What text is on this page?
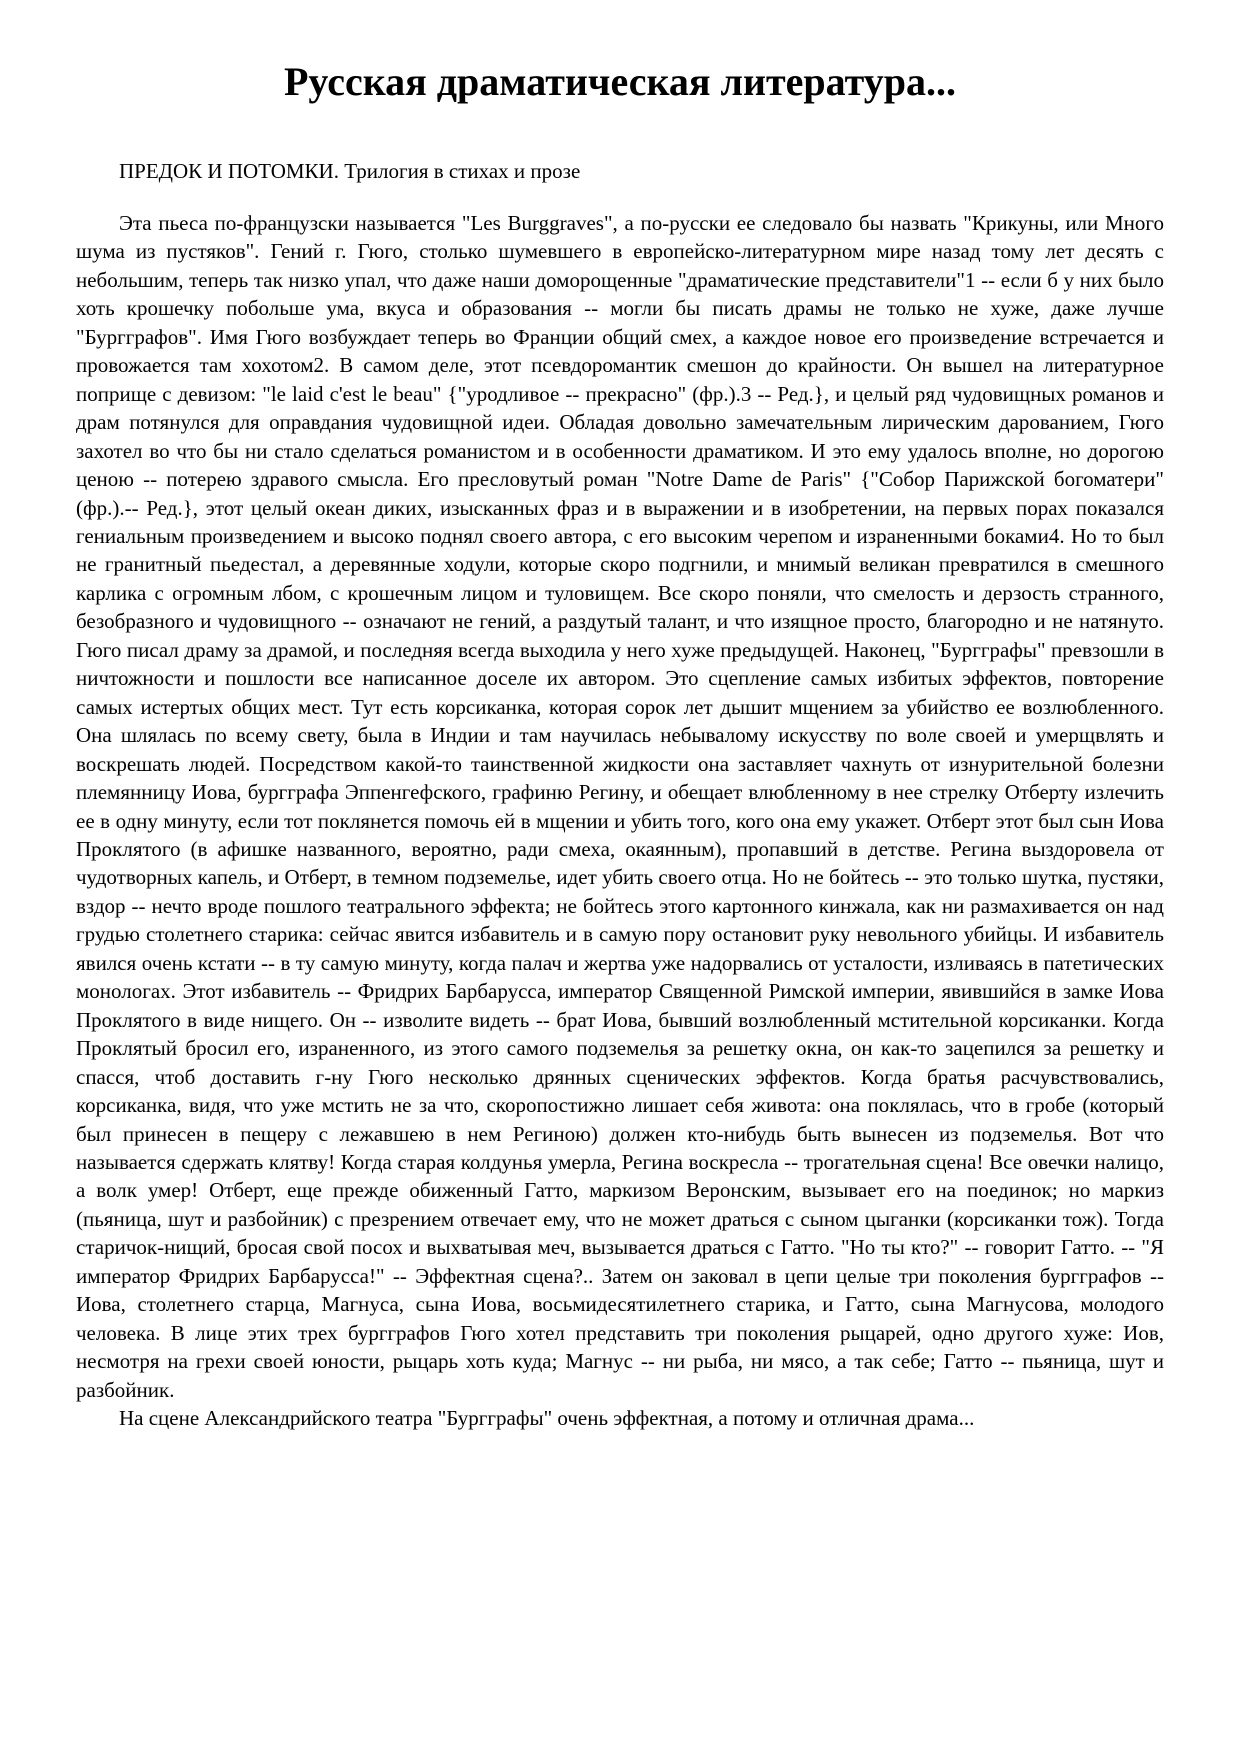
Русская драматическая литература...

ПРЕДОК И ПОТОМКИ. Трилогия в стихах и прозе

Эта пьеса по-французски называется "Les Burggraves", а по-русски ее следовало бы назвать "Крикуны, или Много шума из пустяков". Гений г. Гюго, столько шумевшего в европейско-литературном мире назад тому лет десять с небольшим, теперь так низко упал, что даже наши доморощенные "драматические представители"1 -- если б у них было хоть крошечку побольше ума, вкуса и образования -- могли бы писать драмы не только не хуже, даже лучше "Бургграфов". Имя Гюго возбуждает теперь во Франции общий смех, а каждое новое его произведение встречается и провожается там хохотом2. В самом деле, этот псевдоромантик смешон до крайности. Он вышел на литературное поприще с девизом: "le laid c'est le beau" {"уродливое -- прекрасно" (фр.).3 -- Ред.}, и целый ряд чудовищных романов и драм потянулся для оправдания чудовищной идеи. Обладая довольно замечательным лирическим дарованием, Гюго захотел во что бы ни стало сделаться романистом и в особенности драматиком. И это ему удалось вполне, но дорогою ценою -- потерею здравого смысла. Его пресловутый роман "Notre Dame de Paris" {"Собор Парижской богоматери" (фр.).-- Ред.}, этот целый океан диких, изысканных фраз и в выражении и в изобретении, на первых порах показался гениальным произведением и высоко поднял своего автора, с его высоким черепом и израненными боками4. Но то был не гранитный пьедестал, а деревянные ходули, которые скоро подгнили, и мнимый великан превратился в смешного карлика с огромным лбом, с крошечным лицом и туловищем. Все скоро поняли, что смелость и дерзость странного, безобразного и чудовищного -- означают не гений, а раздутый талант, и что изящное просто, благородно и не натянуто. Гюго писал драму за драмой, и последняя всегда выходила у него хуже предыдущей. Наконец, "Бургграфы" превзошли в ничтожности и пошлости все написанное доселе их автором. Это сцепление самых избитых эффектов, повторение самых истертых общих мест. Тут есть корсиканка, которая сорок лет дышит мщением за убийство ее возлюбленного. Она шлялась по всему свету, была в Индии и там научилась небывалому искусству по воле своей и умерщвлять и воскрешать людей. Посредством какой-то таинственной жидкости она заставляет чахнуть от изнурительной болезни племянницу Иова, бургграфа Эппенгефского, графиню Регину, и обещает влюбленному в нее стрелку Отберту излечить ее в одну минуту, если тот поклянется помочь ей в мщении и убить того, кого она ему укажет. Отберт этот был сын Иова Проклятого (в афишке названного, вероятно, ради смеха, окаянным), пропавший в детстве. Регина выздоровела от чудотворных капель, и Отберт, в темном подземелье, идет убить своего отца. Но не бойтесь -- это только шутка, пустяки, вздор -- нечто вроде пошлого театрального эффекта; не бойтесь этого картонного кинжала, как ни размахивается он над грудью столетнего старика: сейчас явится избавитель и в самую пору остановит руку невольного убийцы. И избавитель явился очень кстати -- в ту самую минуту, когда палач и жертва уже надорвались от усталости, изливаясь в патетических монологах. Этот избавитель -- Фридрих Барбарусса, император Священной Римской империи, явившийся в замке Иова Проклятого в виде нищего. Он -- изволите видеть -- брат Иова, бывший возлюбленный мстительной корсиканки. Когда Проклятый бросил его, израненного, из этого самого подземелья за решетку окна, он как-то зацепился за решетку и спасся, чтоб доставить г-ну Гюго несколько дрянных сценических эффектов. Когда братья расчувствовались, корсиканка, видя, что уже мстить не за что, скоропостижно лишает себя живота: она поклялась, что в гробе (который был принесен в пещеру с лежавшею в нем Региною) должен кто-нибудь быть вынесен из подземелья. Вот что называется сдержать клятву! Когда старая колдунья умерла, Регина воскресла -- трогательная сцена! Все овечки налицо, а волк умер! Отберт, еще прежде обиженный Гатто, маркизом Веронским, вызывает его на поединок; но маркиз (пьяница, шут и разбойник) с презрением отвечает ему, что не может драться с сыном цыганки (корсиканки тож). Тогда старичок-нищий, бросая свой посох и выхватывая меч, вызывается драться с Гатто. "Но ты кто?" -- говорит Гатто. -- "Я император Фридрих Барбарусса!" -- Эффектная сцена?.. Затем он заковал в цепи целые три поколения бургграфов -- Иова, столетнего старца, Магнуса, сына Иова, восьмидесятилетнего старика, и Гатто, сына Магнусова, молодого человека. В лице этих трех бургграфов Гюго хотел представить три поколения рыцарей, одно другого хуже: Иов, несмотря на грехи своей юности, рыцарь хоть куда; Магнус -- ни рыба, ни мясо, а так себе; Гатто -- пьяница, шут и разбойник.

На сцене Александрийского театра "Бургграфы" очень эффектная, а потому и отличная драма...
